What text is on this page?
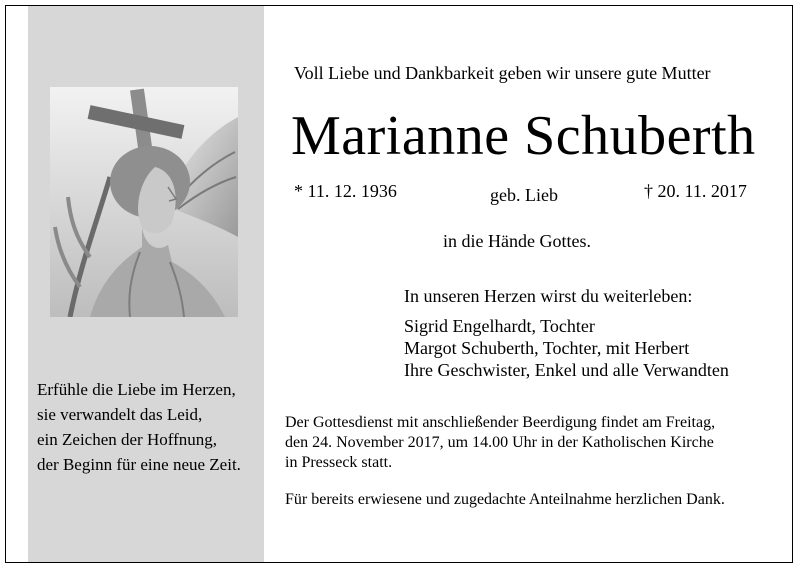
Erfühle die Liebe im Herzen,
sie verwandelt das Leid,
ein Zeichen der Hoffnung,
der Beginn für eine neue Zeit.
Voll Liebe und Dankbarkeit geben wir unsere gute Mutter
Marianne Schuberth
* 11. 12. 1936	geb. Lieb	† 20. 11. 2017
in die Hände Gottes.
In unseren Herzen wirst du weiterleben:
Sigrid Engelhardt, Tochter
Margot Schuberth, Tochter, mit Herbert
Ihre Geschwister, Enkel und alle Verwandten
Der Gottesdienst mit anschließender Beerdigung findet am Freitag,
den 24. November 2017, um 14.00 Uhr in der Katholischen Kirche
in Presseck statt.
Für bereits erwiesene und zugedachte Anteilnahme herzlichen Dank.
